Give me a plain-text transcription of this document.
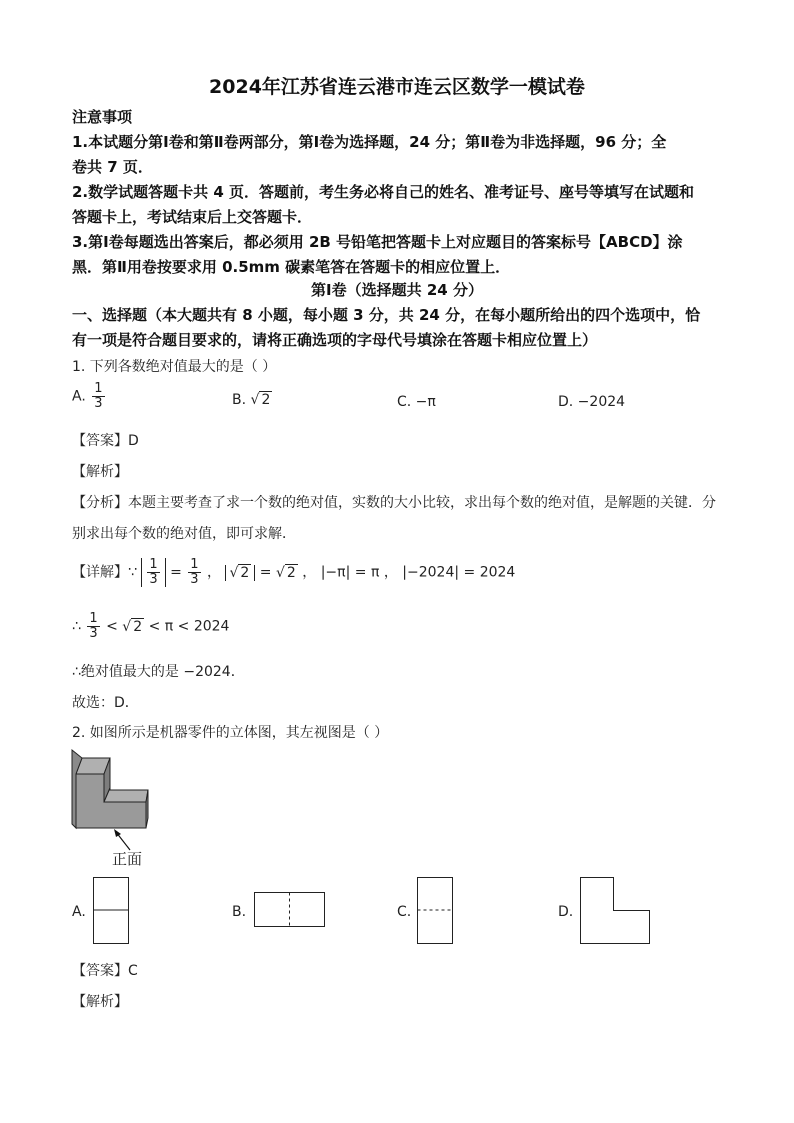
2024年江苏省连云港市连云区数学一模试卷
注意事项
1.本试题分第Ⅰ卷和第Ⅱ卷两部分，第Ⅰ卷为选择题，24 分；第Ⅱ卷为非选择题，96 分；全
卷共 7 页．
2.数学试题答题卡共 4 页．答题前，考生务必将自己的姓名、准考证号、座号等填写在试题和
答题卡上，考试结束后上交答题卡．
3.第Ⅰ卷每题选出答案后，都必须用 2B 号铅笔把答题卡上对应题目的答案标号【ABCD】涂
黑．第Ⅱ用卷按要求用 0.5mm 碳素笔答在答题卡的相应位置上．
第Ⅰ卷（选择题共 24 分）
一、选择题（本大题共有 8 小题，每小题 3 分，共 24 分，在每小题所给出的四个选项中，恰
有一项是符合题目要求的，请将正确选项的字母代号填涂在答题卡相应位置上）
1. 下列各数绝对值最大的是（ ）
A. $\frac{1}{3}$	B. √ 2	C. −π	D. −2024
【答案】D
【解析】
【分析】本题主要考查了求一个数的绝对值，实数的大小比较，求出每个数的绝对值，是解题的关键．分
别求出每个数的绝对值，即可求解．
【详解】∵ $\frac{1}{3} = \frac{1}{3}$ ， √ 2 = √ 2 ， |−π| = π ， |−2024| = 2024
∴ $\frac{1}{3}$ < √ 2 < π < 2024
∴绝对值最大的是 −2024．
故选：D．
2. 如图所示是机器零件的立体图，其左视图是（ ）
正面
A.	B.	C.	D.
【答案】C
【解析】
